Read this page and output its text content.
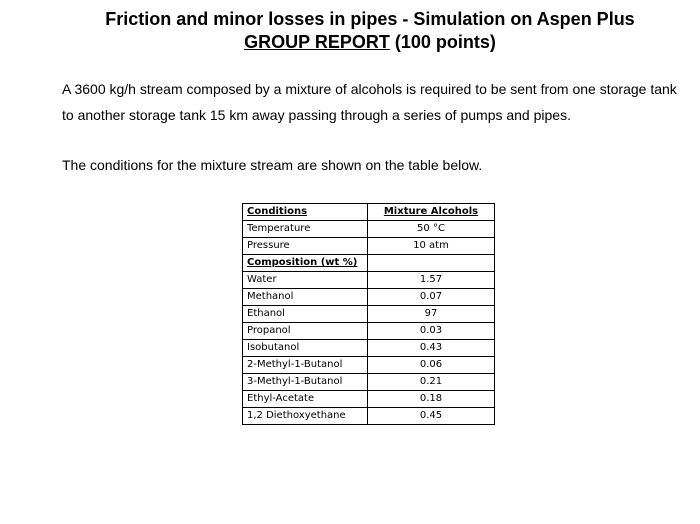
Friction and minor losses in pipes - Simulation on Aspen Plus
GROUP REPORT (100 points)
A 3600 kg/h stream composed by a mixture of alcohols is required to be sent from one storage tank to another storage tank 15 km away passing through a series of pumps and pipes.
The conditions for the mixture stream are shown on the table below.
Conditions	Mixture Alcohols
Temperature	50 °C
Pressure	10 atm
Composition (wt %)	
Water	1.57
Methanol	0.07
Ethanol	97
Propanol	0.03
Isobutanol	0.43
2-Methyl-1-Butanol	0.06
3-Methyl-1-Butanol	0.21
Ethyl-Acetate	0.18
1,2 Diethoxyethane	0.45
